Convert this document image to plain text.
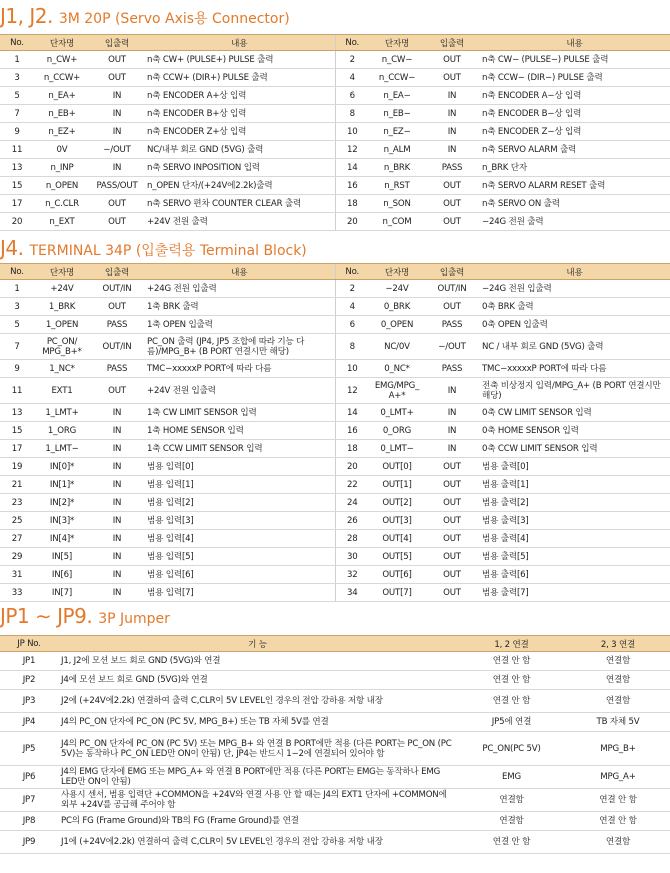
J1, J2. 3M 20P (Servo Axis용 Connector)
No.	단자명	입출력	내용	No.	단자명	입출력	내용
1	n_CW+	OUT	n축 CW+ (PULSE+) PULSE 출력	2	n_CW−	OUT	n축 CW− (PULSE−) PULSE 출력
3	n_CCW+	OUT	n축 CCW+ (DIR+) PULSE 출력	4	n_CCW−	OUT	n축 CCW− (DIR−) PULSE 출력
5	n_EA+	IN	n축 ENCODER A+상 입력	6	n_EA−	IN	n축 ENCODER A−상 입력
7	n_EB+	IN	n축 ENCODER B+상 입력	8	n_EB−	IN	n축 ENCODER B−상 입력
9	n_EZ+	IN	n축 ENCODER Z+상 입력	10	n_EZ−	IN	n축 ENCODER Z−상 입력
11	0V	−/OUT	NC/내부 회로 GND (5VG) 출력	12	n_ALM	IN	n축 SERVO ALARM 출력
13	n_INP	IN	n축 SERVO INPOSITION 입력	14	n_BRK	PASS	n_BRK 단자
15	n_OPEN	PASS/OUT	n_OPEN 단자/(+24V에2.2k)출력	16	n_RST	OUT	n축 SERVO ALARM RESET 출력
17	n_C.CLR	OUT	n축 SERVO 편차 COUNTER CLEAR 출력	18	n_SON	OUT	n축 SERVO ON 출력
20	n_EXT	OUT	+24V 전원 출력	20	n_COM	OUT	−24G 전원 출력
J4. TERMINAL 34P (입출력용 Terminal Block)
No.	단자명	입출력	내용	No.	단자명	입출력	내용
1	+24V	OUT/IN	+24G 전원 입출력	2	−24V	OUT/IN	−24G 전원 입출력
3	1_BRK	OUT	1축 BRK 출력	4	0_BRK	OUT	0축 BRK 출력
5	1_OPEN	PASS	1축 OPEN 입출력	6	0_OPEN	PASS	0축 OPEN 입출력
7	PC_ON/ MPG_B+*	OUT/IN	PC_ON 출력 (JP4, JP5 조합에 따라 기능 다름)/MPG_B+ (B PORT 연결시만 해당)	8	NC/0V	−/OUT	NC / 내부 회로 GND (5VG) 출력
9	1_NC*	PASS	TMC−xxxxxP PORT에 따라 다름	10	0_NC*	PASS	TMC−xxxxxP PORT에 따라 다름
11	EXT1	OUT	+24V 전원 입출력	12	EMG/MPG_ A+*	IN	전축 비상정지 입력/MPG_A+ (B PORT 연결시만 해당)
13	1_LMT+	IN	1축 CW LIMIT SENSOR 입력	14	0_LMT+	IN	0축 CW LIMIT SENSOR 입력
15	1_ORG	IN	1축 HOME SENSOR 입력	16	0_ORG	IN	0축 HOME SENSOR 입력
17	1_LMT−	IN	1축 CCW LIMIT SENSOR 입력	18	0_LMT−	IN	0축 CCW LIMIT SENSOR 입력
19	IN[0]*	IN	범용 입력[0]	20	OUT[0]	OUT	범용 출력[0]
21	IN[1]*	IN	범용 입력[1]	22	OUT[1]	OUT	범용 출력[1]
23	IN[2]*	IN	범용 입력[2]	24	OUT[2]	OUT	범용 출력[2]
25	IN[3]*	IN	범용 입력[3]	26	OUT[3]	OUT	범용 출력[3]
27	IN[4]*	IN	범용 입력[4]	28	OUT[4]	OUT	범용 출력[4]
29	IN[5]	IN	범용 입력[5]	30	OUT[5]	OUT	범용 출력[5]
31	IN[6]	IN	범용 입력[6]	32	OUT[6]	OUT	범용 출력[6]
33	IN[7]	IN	범용 입력[7]	34	OUT[7]	OUT	범용 출력[7]
JP1 ∼ JP9. 3P Jumper
JP No.	기 능	1, 2 연결	2, 3 연결
JP1	J1, J2에 모션 보드 회로 GND (5VG)와 연결	연결 안 함	연결함
JP2	J4에 모션 보드 회로 GND (5VG)와 연결	연결 안 함	연결함
JP3	J2에 (+24V에2.2k) 연결하여 출력 C,CLR이 5V LEVEL인 경우의 전압 강하용 저항 내장	연결 안 함	연결함
JP4	J4의 PC_ON 단자에 PC_ON (PC 5V, MPG_B+) 또는 TB 자체 5V를 연결	JP5에 연결	TB 자체 5V
JP5	J4의 PC_ON 단자에 PC_ON (PC 5V) 또는 MPG_B+ 와 연결 B PORT에만 적용 (다른 PORT는 PC_ON (PC 5V)는 동작하나 PC_ON LED만 ON이 안됨) 단, JP4는 반드시 1−2에 연결되어 있어야 함	PC_ON(PC 5V)	MPG_B+
JP6	J4의 EMG 단자에 EMG 또는 MPG_A+ 와 연결 B PORT에만 적용 (다른 PORT는 EMG는 동작하나 EMG LED만 ON이 안됨)	EMG	MPG_A+
JP7	사용시 센서, 범용 입력단 +COMMON을 +24V와 연결 사용 안 할 때는 J4의 EXT1 단자에 +COMMON에 외부 +24V를 공급해 주어야 함	연결함	연결 안 함
JP8	PC의 FG (Frame Ground)와 TB의 FG (Frame Ground)를 연결	연결함	연결 안 함
JP9	J1에 (+24V에2.2k) 연결하여 출력 C,CLR이 5V LEVEL인 경우의 전압 강하용 저항 내장	연결 안 함	연결함
